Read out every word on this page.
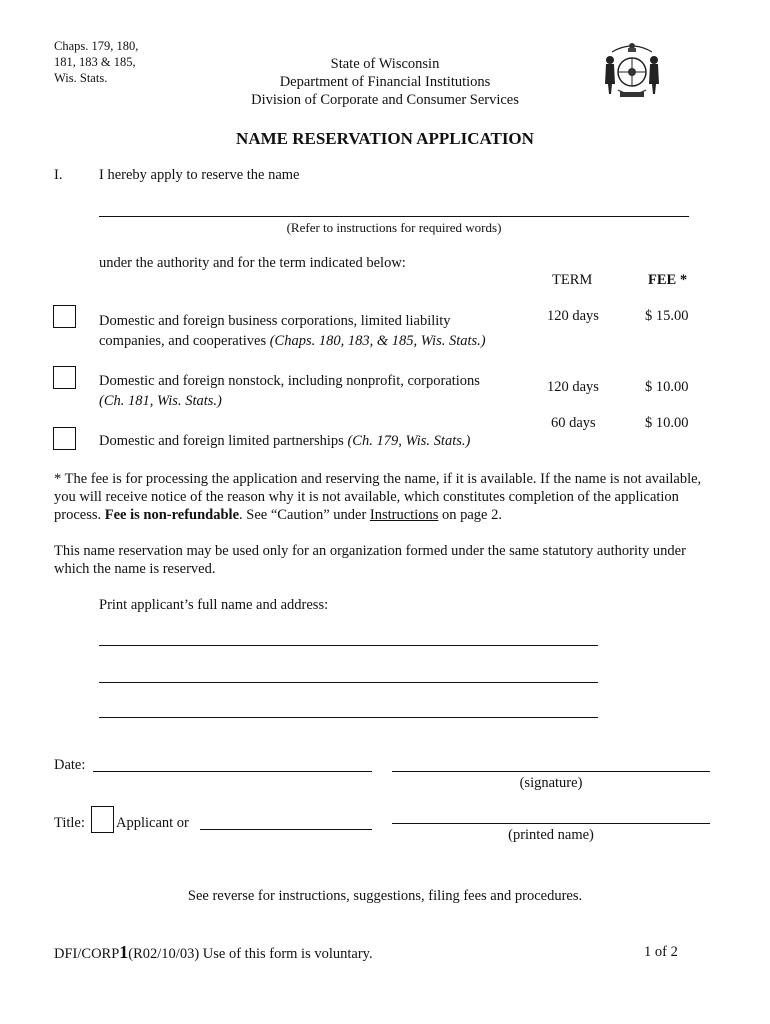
Chaps. 179, 180,
181, 183 & 185,
Wis. Stats.
State of Wisconsin
Department of Financial Institutions
Division of Corporate and Consumer Services
NAME RESERVATION APPLICATION
I.	I hereby apply to reserve the name
(Refer to instructions for required words)
under the authority and for the term indicated below:
TERM	FEE *
Domestic and foreign business corporations, limited liability
companies, and cooperatives (Chaps. 180, 183, & 185, Wis. Stats.)
120 days	$ 15.00
Domestic and foreign nonstock, including nonprofit, corporations
(Ch. 181, Wis. Stats.)
120 days	$ 10.00
Domestic and foreign limited partnerships (Ch. 179, Wis. Stats.)
60 days	$ 10.00
* The fee is for processing the application and reserving the name, if it is available. If the name is not available, you will receive notice of the reason why it is not available, which constitutes completion of the application process. Fee is non-refundable. See “Caution” under Instructions on page 2.
This name reservation may be used only for an organization formed under the same statutory authority under which the name is reserved.
Print applicant’s full name and address:
Date:
(signature)
Title: Applicant or
(printed name)
See reverse for instructions, suggestions, filing fees and procedures.
DFI/CORP1(R02/10/03) Use of this form is voluntary.	1 of 2
